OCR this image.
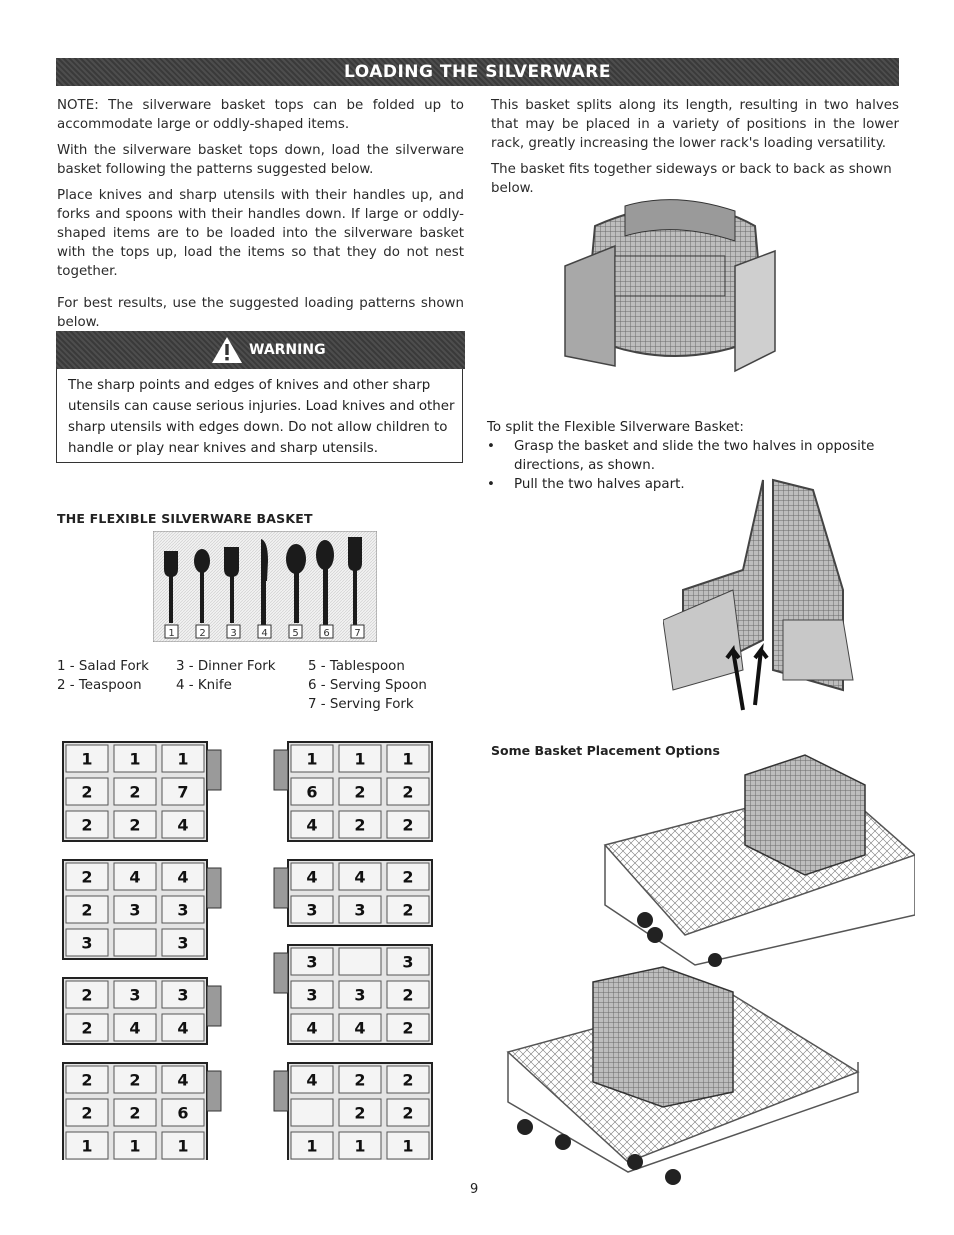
LOADING THE SILVERWARE

NOTE: The silverware basket tops can be folded up to accommodate large or oddly-shaped items.

With the silverware basket tops down, load the silverware basket following the patterns suggested below.

Place knives and sharp utensils with their handles up, and forks and spoons with their handles down. If large or oddly-shaped items are to be loaded into the silverware basket with the tops up, load the items so that they do not nest together.

For best results, use the suggested loading patterns shown below.

WARNING
The sharp points and edges of knives and other sharp utensils can cause serious injuries. Load knives and other sharp utensils with edges down. Do not allow children to handle or play near knives and sharp utensils.
THE FLEXIBLE SILVERWARE BASKET
1 2 3 4 5 6 7
1 - Salad Fork
2 - Teaspoon
3 - Dinner Fork
4 - Knife
5 - Tablespoon
6 - Serving Spoon
7 - Serving Fork

This basket splits along its length, resulting in two halves that may be placed in a variety of positions in the lower rack, greatly increasing the lower rack's loading versatility.

The basket fits together sideways or back to back as shown below.

To split the Flexible Silverware Basket:
• Grasp the basket and slide the two halves in opposite directions, as shown.
• Pull the two halves apart.
1 1 1
2 2 7
2 2 4
2 4 4
2 3 3
3	3
2 3 3
2 4 4
2 2 4
2 2 6
1 1 1
1 1 1
6 2 2
4 2 2
4 4 2
3 3 2
3	3
3 3 2
4 4 2
4 2 2
2 2
1 1 1
Some Basket Placement Options
9
